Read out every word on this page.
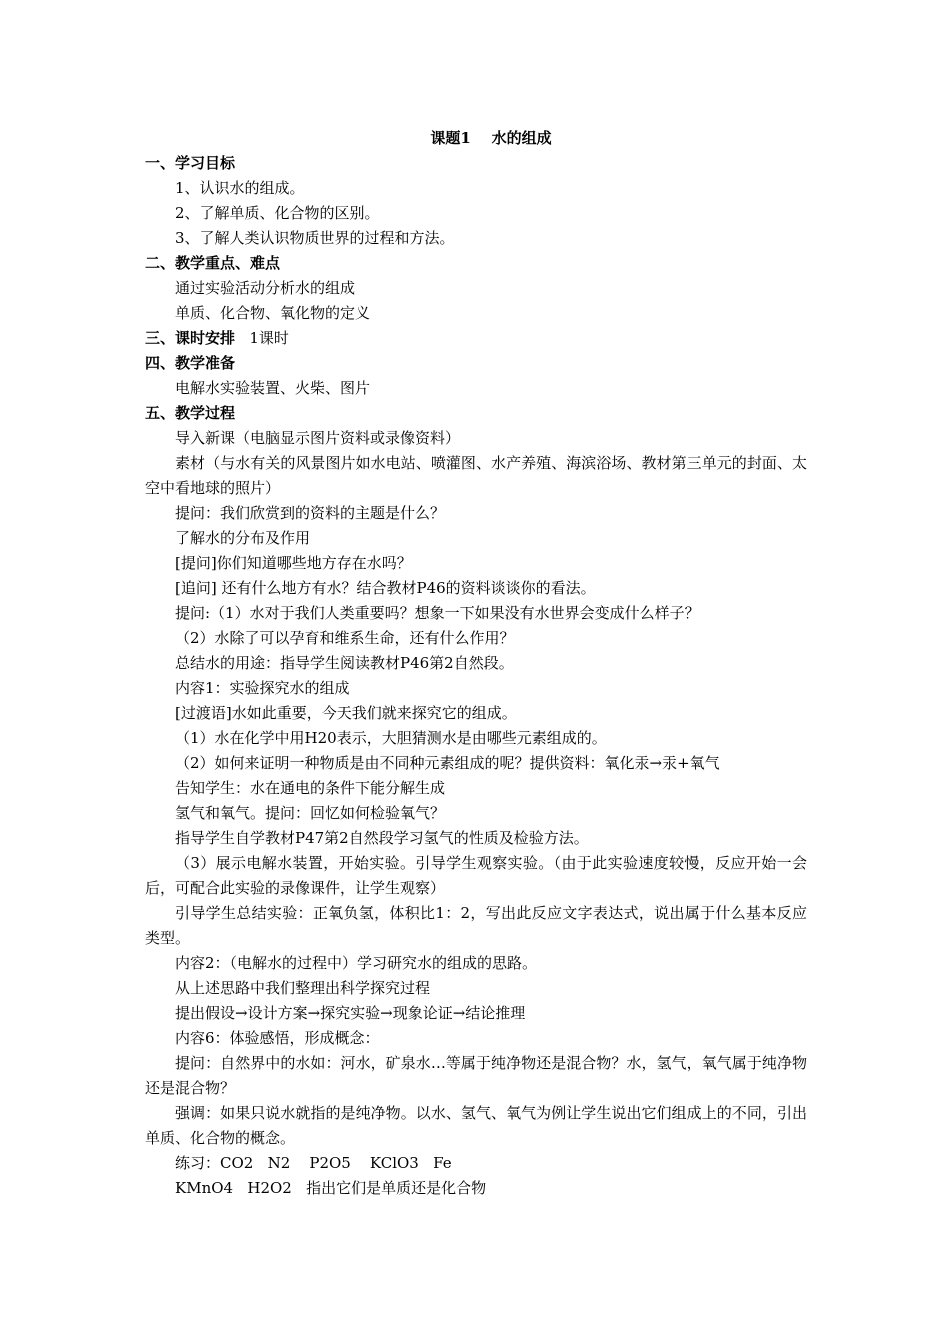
课题1    水的组成
一、学习目标
1、认识水的组成。
2、了解单质、化合物的区别。
3、了解人类认识物质世界的过程和方法。
二、教学重点、难点
通过实验活动分析水的组成
单质、化合物、氧化物的定义
三、课时安排   1课时
四、教学准备
电解水实验装置、火柴、图片
五、教学过程
导入新课（电脑显示图片资料或录像资料）
素材（与水有关的风景图片如水电站、喷灌图、水产养殖、海滨浴场、教材第三单元的封面、太空中看地球的照片）
提问：我们欣赏到的资料的主题是什么？
了解水的分布及作用
[提问]你们知道哪些地方存在水吗？
[追问] 还有什么地方有水？结合教材P46的资料谈谈你的看法。
提问:（1）水对于我们人类重要吗？想象一下如果没有水世界会变成什么样子？
（2）水除了可以孕育和维系生命，还有什么作用？
总结水的用途：指导学生阅读教材P46第2自然段。
内容1：实验探究水的组成
[过渡语]水如此重要，今天我们就来探究它的组成。
（1）水在化学中用H20表示，大胆猜测水是由哪些元素组成的。
（2）如何来证明一种物质是由不同种元素组成的呢？提供资料：氧化汞→汞+氧气
告知学生：水在通电的条件下能分解生成
氢气和氧气。提问：回忆如何检验氧气？
指导学生自学教材P47第2自然段学习氢气的性质及检验方法。
（3）展示电解水装置，开始实验。引导学生观察实验。（由于此实验速度较慢，反应开始一会后，可配合此实验的录像课件，让学生观察）
引导学生总结实验：正氧负氢，体积比1：2，写出此反应文字表达式，说出属于什么基本反应类型。
内容2：（电解水的过程中）学习研究水的组成的思路。
从上述思路中我们整理出科学探究过程
提出假设→设计方案→探究实验→现象论证→结论推理
内容6：体验感悟，形成概念：
提问：自然界中的水如：河水，矿泉水…等属于纯净物还是混合物？水，氢气，氧气属于纯净物还是混合物？
强调：如果只说水就指的是纯净物。以水、氢气、氧气为例让学生说出它们组成上的不同，引出单质、化合物的概念。
练习：CO2   N2    P2O5    KClO3   Fe
KMnO4   H2O2   指出它们是单质还是化合物
